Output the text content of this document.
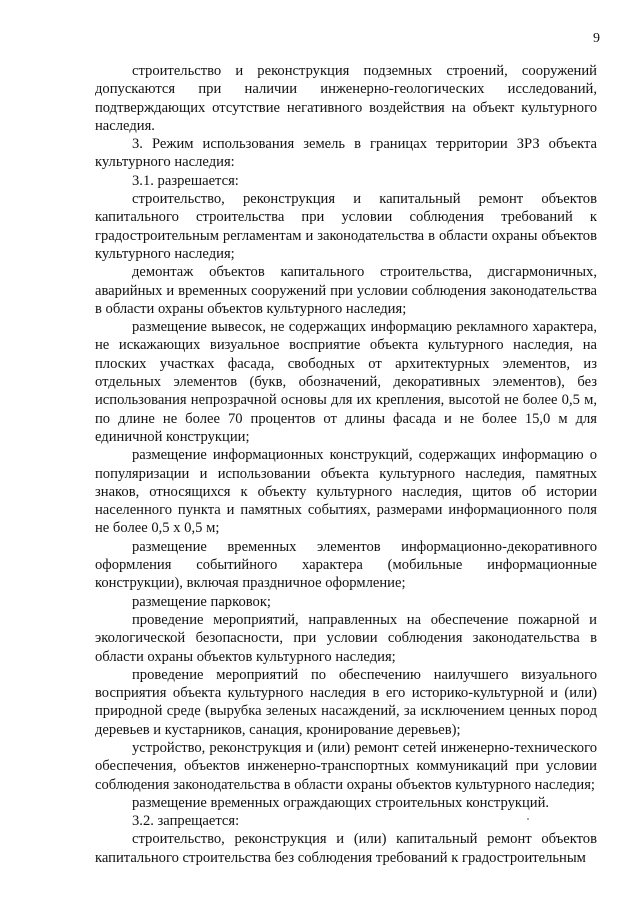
9

строительство и реконструкция подземных строений, сооружений допускаются при наличии инженерно-геологических исследований, подтверждающих отсутствие негативного воздействия на объект культурного наследия.

3. Режим использования земель в границах территории ЗРЗ объекта культурного наследия:

3.1. разрешается:

строительство, реконструкция и капитальный ремонт объектов капитального строительства при условии соблюдения требований к градостроительным регламентам и законодательства в области охраны объектов культурного наследия;

демонтаж объектов капитального строительства, дисгармоничных, аварийных и временных сооружений при условии соблюдения законодательства в области охраны объектов культурного наследия;

размещение вывесок, не содержащих информацию рекламного характера, не искажающих визуальное восприятие объекта культурного наследия, на плоских участках фасада, свободных от архитектурных элементов, из отдельных элементов (букв, обозначений, декоративных элементов), без использования непрозрачной основы для их крепления, высотой не более 0,5 м, по длине не более 70 процентов от длины фасада и не более 15,0 м для единичной конструкции;

размещение информационных конструкций, содержащих информацию о популяризации и использовании объекта культурного наследия, памятных знаков, относящихся к объекту культурного наследия, щитов об истории населенного пункта и памятных событиях, размерами информационного поля не более 0,5 х 0,5 м;

размещение временных элементов информационно-декоративного оформления событийного характера (мобильные информационные конструкции), включая праздничное оформление;

размещение парковок;

проведение мероприятий, направленных на обеспечение пожарной и экологической безопасности, при условии соблюдения законодательства в области охраны объектов культурного наследия;

проведение мероприятий по обеспечению наилучшего визуального восприятия объекта культурного наследия в его историко-культурной и (или) природной среде (вырубка зеленых насаждений, за исключением ценных пород деревьев и кустарников, санация, кронирование деревьев);

устройство, реконструкция и (или) ремонт сетей инженерно-технического обеспечения, объектов инженерно-транспортных коммуникаций при условии соблюдения законодательства в области охраны объектов культурного наследия;

размещение временных ограждающих строительных конструкций.

3.2. запрещается:

строительство, реконструкция и (или) капитальный ремонт объектов капитального строительства без соблюдения требований к градостроительным
